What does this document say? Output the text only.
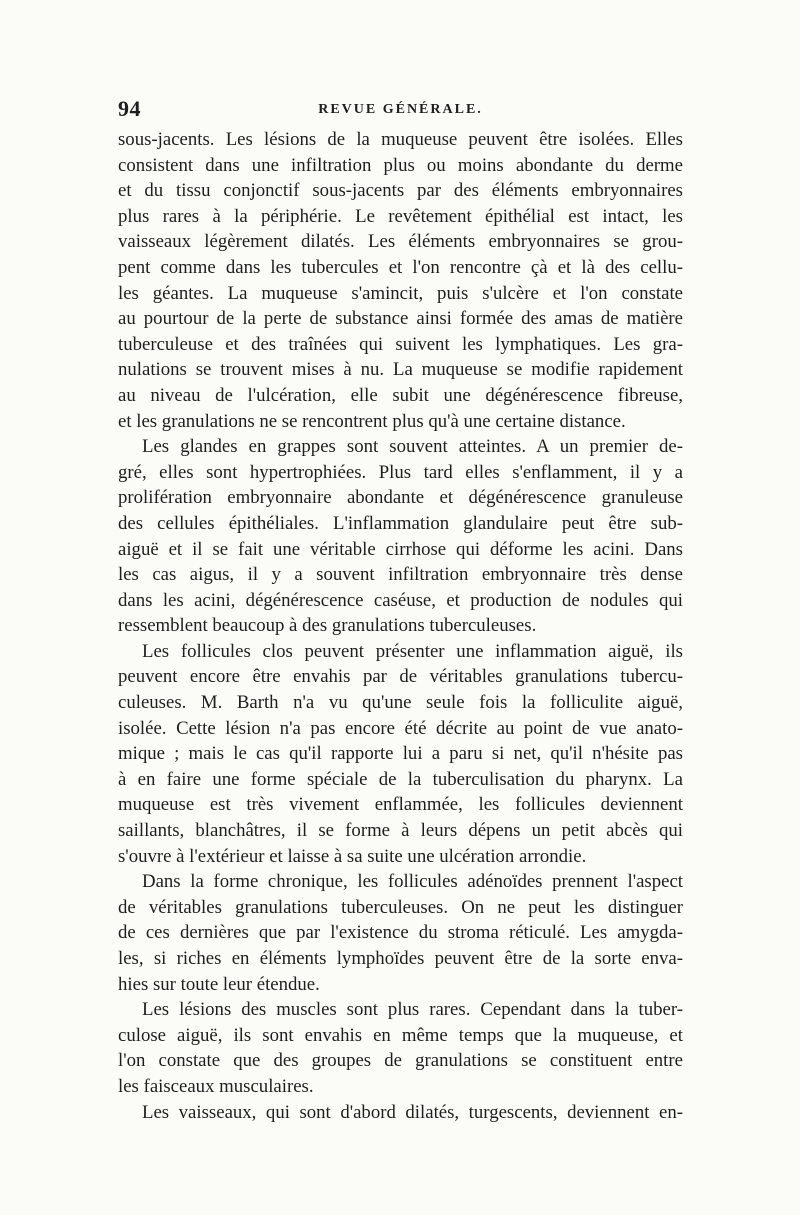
94	REVUE GÉNÉRALE.
sous-jacents. Les lésions de la muqueuse peuvent être isolées. Elles
consistent dans une infiltration plus ou moins abondante du derme
et du tissu conjonctif sous-jacents par des éléments embryonnaires
plus rares à la périphérie. Le revêtement épithélial est intact, les
vaisseaux légèrement dilatés. Les éléments embryonnaires se grou-
pent comme dans les tubercules et l'on rencontre çà et là des cellu-
les géantes. La muqueuse s'amincit, puis s'ulcère et l'on constate
au pourtour de la perte de substance ainsi formée des amas de matière
tuberculeuse et des traînées qui suivent les lymphatiques. Les gra-
nulations se trouvent mises à nu. La muqueuse se modifie rapidement
au niveau de l'ulcération, elle subit une dégénérescence fibreuse,
et les granulations ne se rencontrent plus qu'à une certaine distance.
Les glandes en grappes sont souvent atteintes. A un premier de-
gré, elles sont hypertrophiées. Plus tard elles s'enflamment, il y a
prolifération embryonnaire abondante et dégénérescence granuleuse
des cellules épithéliales. L'inflammation glandulaire peut être sub-
aiguë et il se fait une véritable cirrhose qui déforme les acini. Dans
les cas aigus, il y a souvent infiltration embryonnaire très dense
dans les acini, dégénérescence caséuse, et production de nodules qui
ressemblent beaucoup à des granulations tuberculeuses.
Les follicules clos peuvent présenter une inflammation aiguë, ils
peuvent encore être envahis par de véritables granulations tubercu-
culeuses. M. Barth n'a vu qu'une seule fois la folliculite aiguë,
isolée. Cette lésion n'a pas encore été décrite au point de vue anato-
mique ; mais le cas qu'il rapporte lui a paru si net, qu'il n'hésite pas
à en faire une forme spéciale de la tuberculisation du pharynx. La
muqueuse est très vivement enflammée, les follicules deviennent
saillants, blanchâtres, il se forme à leurs dépens un petit abcès qui
s'ouvre à l'extérieur et laisse à sa suite une ulcération arrondie.
Dans la forme chronique, les follicules adénoïdes prennent l'aspect
de véritables granulations tuberculeuses. On ne peut les distinguer
de ces dernières que par l'existence du stroma réticulé. Les amygda-
les, si riches en éléments lymphoïdes peuvent être de la sorte enva-
hies sur toute leur étendue.
Les lésions des muscles sont plus rares. Cependant dans la tuber-
culose aiguë, ils sont envahis en même temps que la muqueuse, et
l'on constate que des groupes de granulations se constituent entre
les faisceaux musculaires.
Les vaisseaux, qui sont d'abord dilatés, turgescents, deviennent en-
